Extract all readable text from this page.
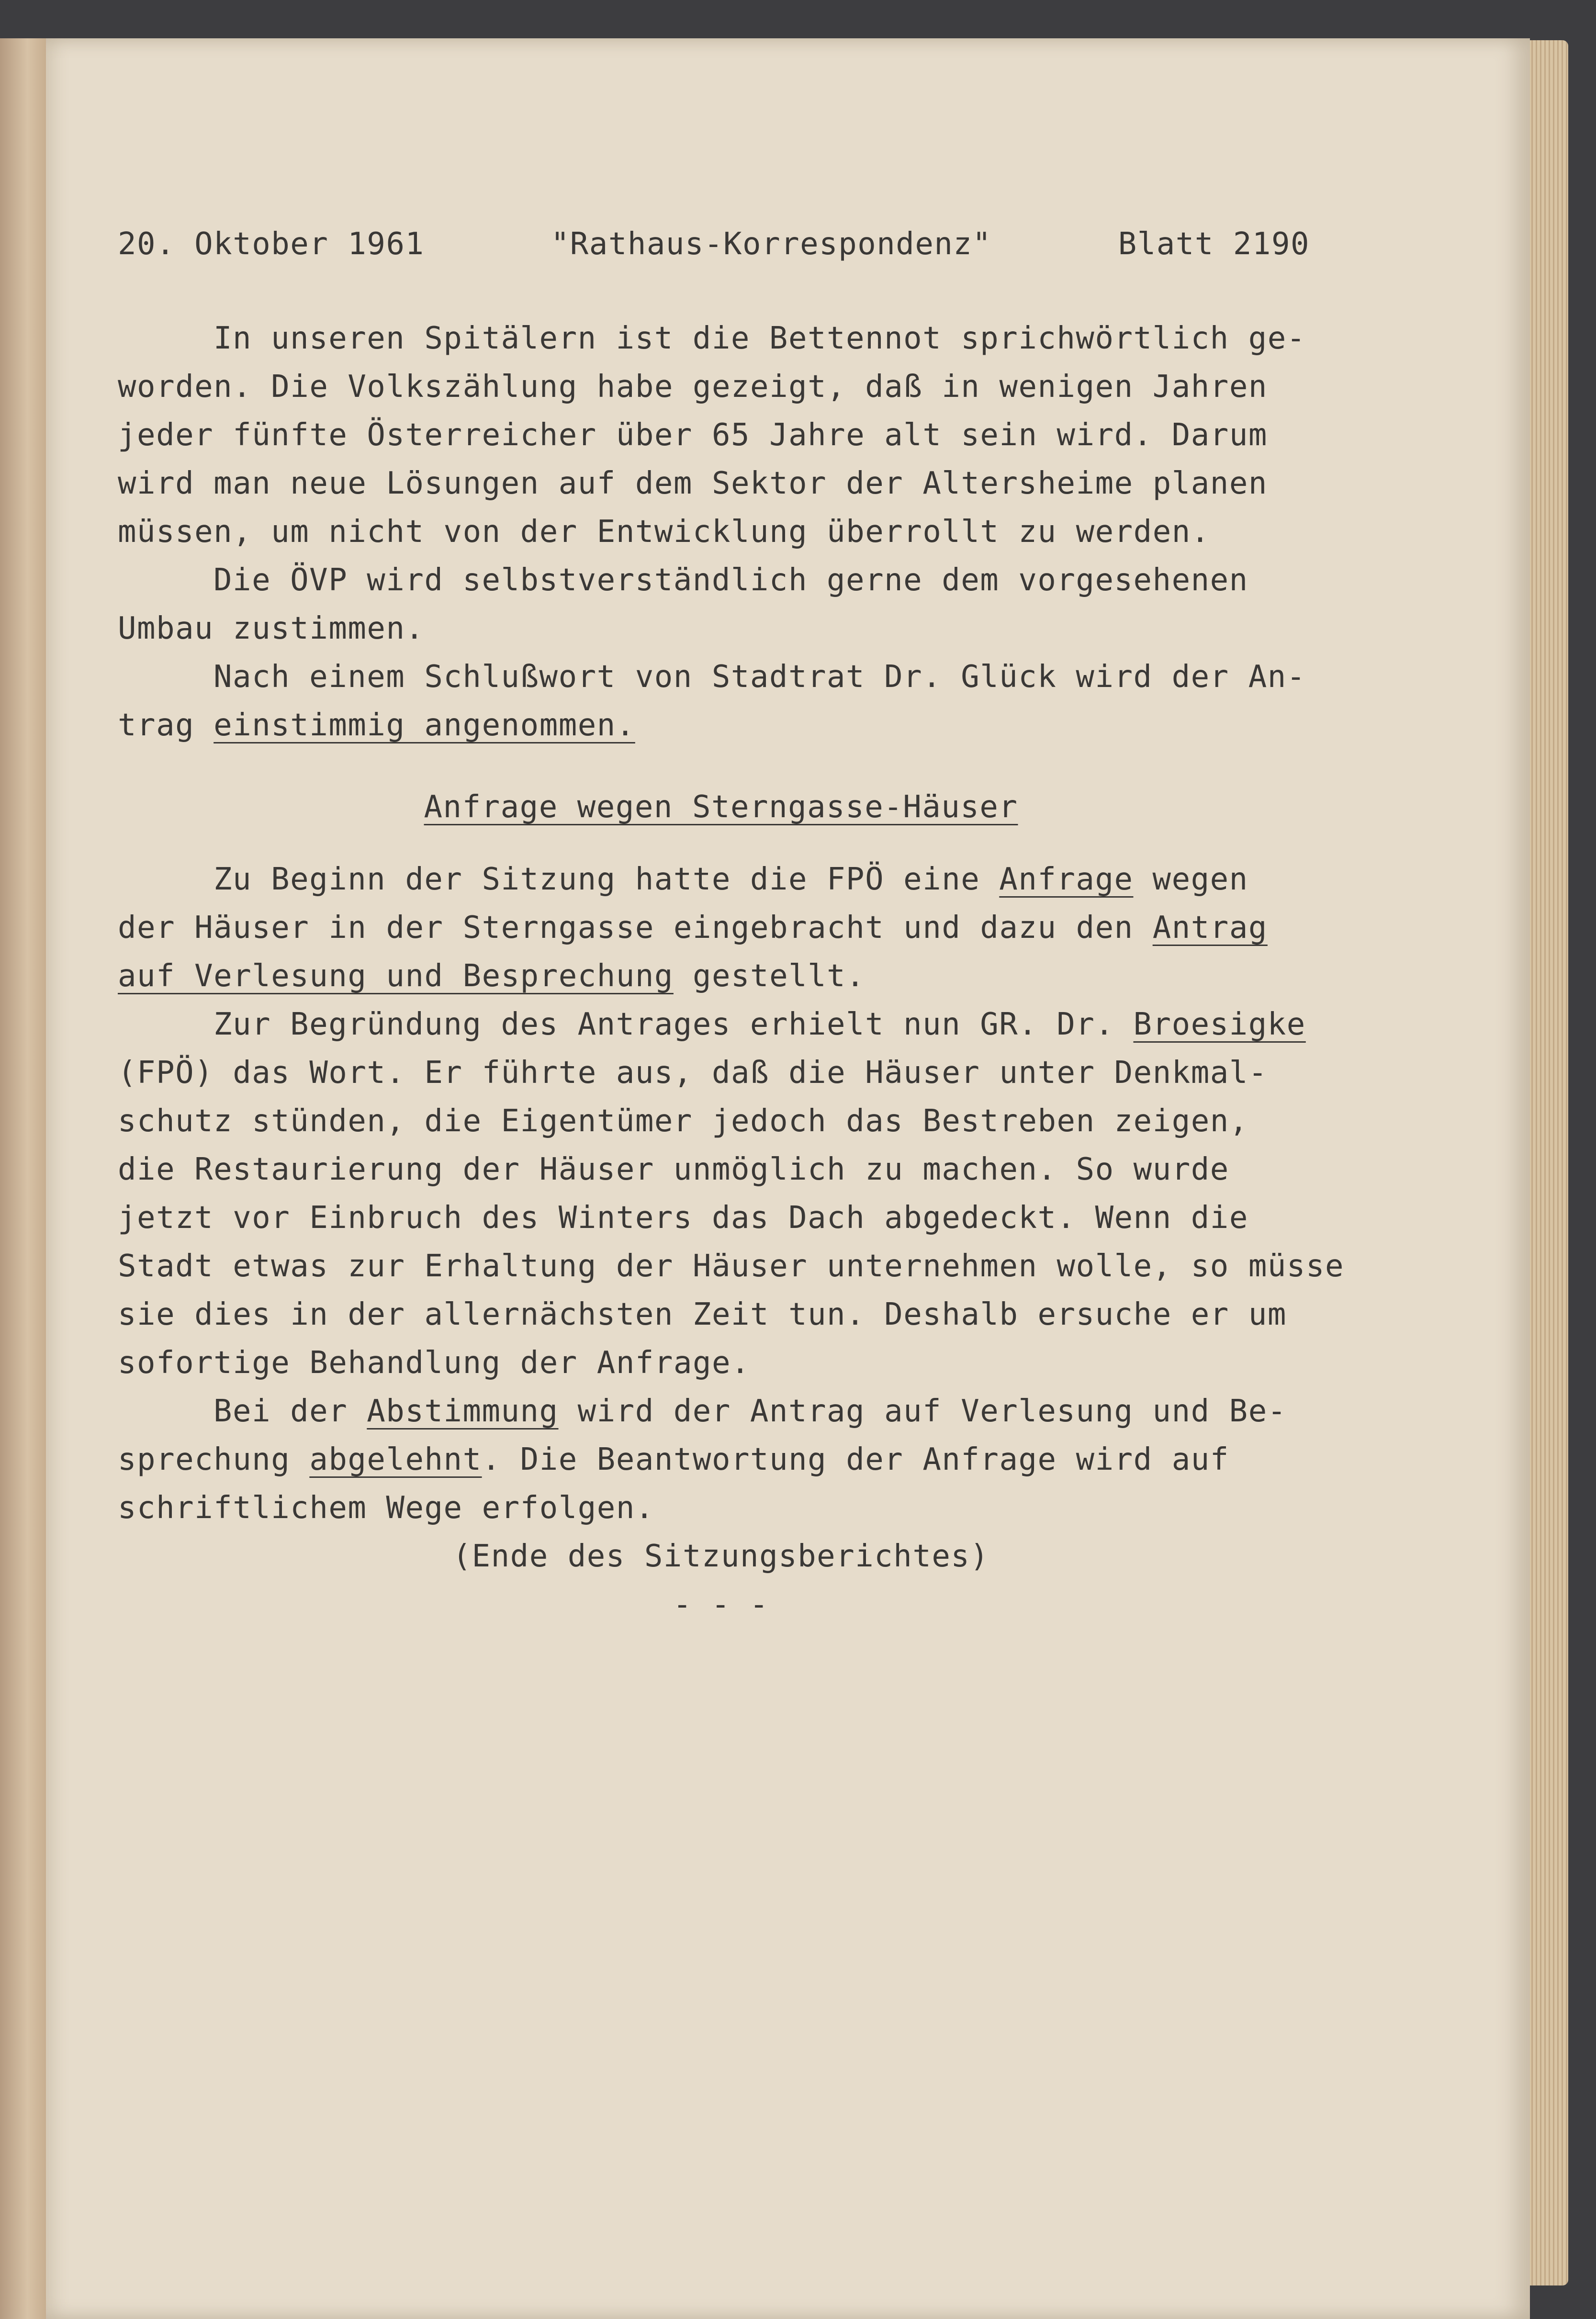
20. Oktober 1961	"Rathaus-Korrespondenz"	Blatt 2190

In unseren Spitälern ist die Bettennot sprichwörtlich ge-

worden. Die Volkszählung habe gezeigt, daß in wenigen Jahren

jeder fünfte Österreicher über 65 Jahre alt sein wird. Darum

wird man neue Lösungen auf dem Sektor der Altersheime planen

müssen, um nicht von der Entwicklung überrollt zu werden.

Die ÖVP wird selbstverständlich gerne dem vorgesehenen

Umbau zustimmen.

Nach einem Schlußwort von Stadtrat Dr. Glück wird der An-

trag einstimmig angenommen.

Anfrage wegen Sterngasse-Häuser

Zu Beginn der Sitzung hatte die FPÖ eine Anfrage wegen

der Häuser in der Sterngasse eingebracht und dazu den Antrag

auf Verlesung und Besprechung gestellt.

Zur Begründung des Antrages erhielt nun GR. Dr. Broesigke

(FPÖ) das Wort. Er führte aus, daß die Häuser unter Denkmal-

schutz stünden, die Eigentümer jedoch das Bestreben zeigen,

die Restaurierung der Häuser unmöglich zu machen. So wurde

jetzt vor Einbruch des Winters das Dach abgedeckt. Wenn die

Stadt etwas zur Erhaltung der Häuser unternehmen wolle, so müsse

sie dies in der allernächsten Zeit tun. Deshalb ersuche er um

sofortige Behandlung der Anfrage.

Bei der Abstimmung wird der Antrag auf Verlesung und Be-

sprechung abgelehnt. Die Beantwortung der Anfrage wird auf

schriftlichem Wege erfolgen.

(Ende des Sitzungsberichtes)

- - -
